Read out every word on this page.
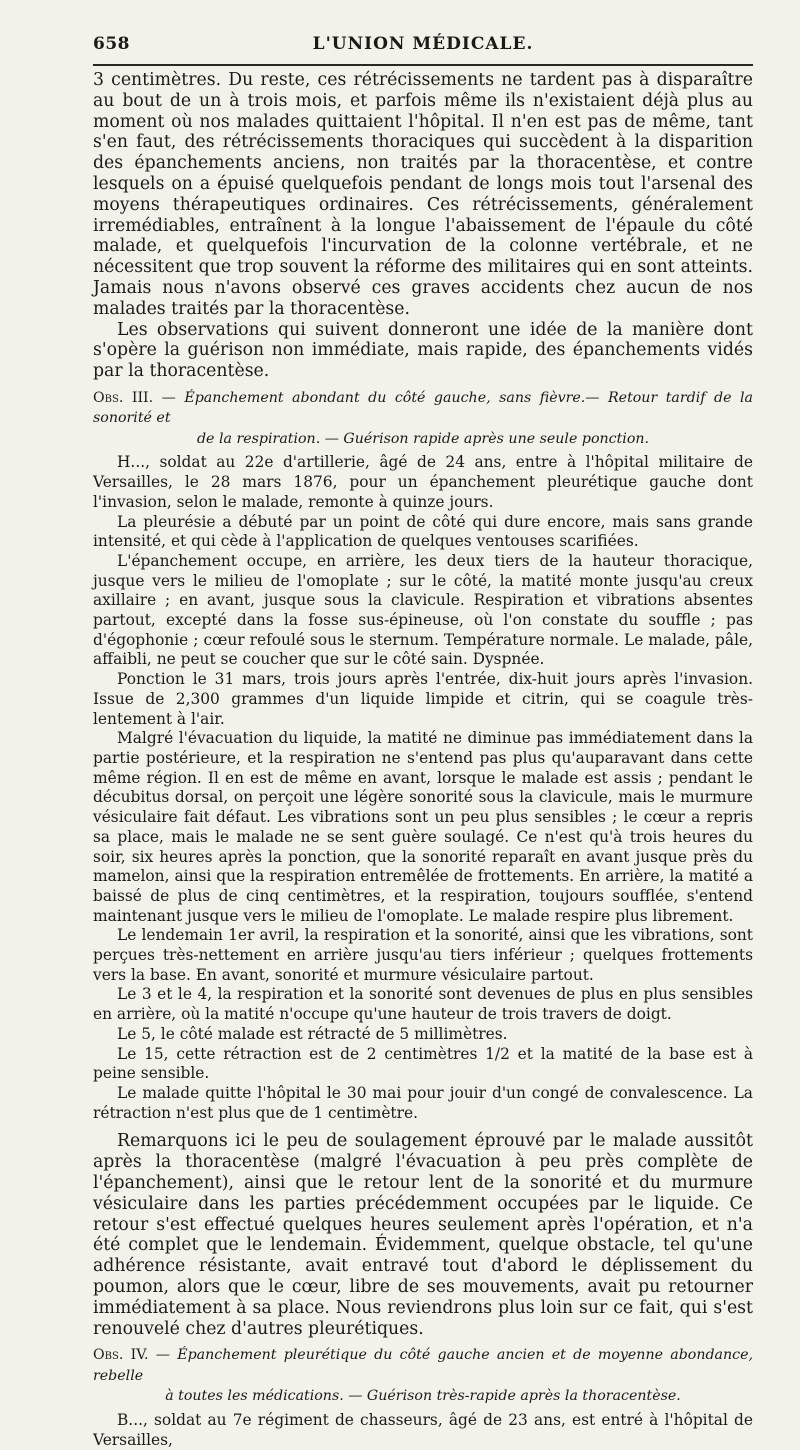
658	L'UNION MÉDICALE.

3 centimètres. Du reste, ces rétrécissements ne tardent pas à disparaître au bout de un à trois mois, et parfois même ils n'existaient déjà plus au moment où nos malades quittaient l'hôpital. Il n'en est pas de même, tant s'en faut, des rétrécissements thoraciques qui succèdent à la disparition des épanchements anciens, non traités par la thoracentèse, et contre lesquels on a épuisé quelquefois pendant de longs mois tout l'arsenal des moyens thérapeutiques ordinaires. Ces rétrécissements, généralement irremédiables, entraînent à la longue l'abaissement de l'épaule du côté malade, et quelquefois l'incurvation de la colonne vertébrale, et ne nécessitent que trop souvent la réforme des militaires qui en sont atteints. Jamais nous n'avons observé ces graves accidents chez aucun de nos malades traités par la thoracentèse.

Les observations qui suivent donneront une idée de la manière dont s'opère la guérison non immédiate, mais rapide, des épanchements vidés par la thoracentèse.

Obs. III. — Épanchement abondant du côté gauche, sans fièvre.— Retour tardif de la sonorité et
de la respiration. — Guérison rapide après une seule ponction.

H..., soldat au 22e d'artillerie, âgé de 24 ans, entre à l'hôpital militaire de Versailles, le 28 mars 1876, pour un épanchement pleurétique gauche dont l'invasion, selon le malade, remonte à quinze jours.

La pleurésie a débuté par un point de côté qui dure encore, mais sans grande intensité, et qui cède à l'application de quelques ventouses scarifiées.

L'épanchement occupe, en arrière, les deux tiers de la hauteur thoracique, jusque vers le milieu de l'omoplate ; sur le côté, la matité monte jusqu'au creux axillaire ; en avant, jusque sous la clavicule. Respiration et vibrations absentes partout, excepté dans la fosse sus-épineuse, où l'on constate du souffle ; pas d'égophonie ; cœur refoulé sous le sternum. Température normale. Le malade, pâle, affaibli, ne peut se coucher que sur le côté sain. Dyspnée.

Ponction le 31 mars, trois jours après l'entrée, dix-huit jours après l'invasion. Issue de 2,300 grammes d'un liquide limpide et citrin, qui se coagule très-lentement à l'air.

Malgré l'évacuation du liquide, la matité ne diminue pas immédiatement dans la partie postérieure, et la respiration ne s'entend pas plus qu'auparavant dans cette même région. Il en est de même en avant, lorsque le malade est assis ; pendant le décubitus dorsal, on perçoit une légère sonorité sous la clavicule, mais le murmure vésiculaire fait défaut. Les vibrations sont un peu plus sensibles ; le cœur a repris sa place, mais le malade ne se sent guère soulagé. Ce n'est qu'à trois heures du soir, six heures après la ponction, que la sonorité reparaît en avant jusque près du mamelon, ainsi que la respiration entremêlée de frottements. En arrière, la matité a baissé de plus de cinq centimètres, et la respiration, toujours soufflée, s'entend maintenant jusque vers le milieu de l'omoplate. Le malade respire plus librement.

Le lendemain 1er avril, la respiration et la sonorité, ainsi que les vibrations, sont perçues très-nettement en arrière jusqu'au tiers inférieur ; quelques frottements vers la base. En avant, sonorité et murmure vésiculaire partout.

Le 3 et le 4, la respiration et la sonorité sont devenues de plus en plus sensibles en arrière, où la matité n'occupe qu'une hauteur de trois travers de doigt.

Le 5, le côté malade est rétracté de 5 millimètres.

Le 15, cette rétraction est de 2 centimètres 1/2 et la matité de la base est à peine sensible.

Le malade quitte l'hôpital le 30 mai pour jouir d'un congé de convalescence. La rétraction n'est plus que de 1 centimètre.

Remarquons ici le peu de soulagement éprouvé par le malade aussitôt après la thoracentèse (malgré l'évacuation à peu près complète de l'épanchement), ainsi que le retour lent de la sonorité et du murmure vésiculaire dans les parties précédemment occupées par le liquide. Ce retour s'est effectué quelques heures seulement après l'opération, et n'a été complet que le lendemain. Évidemment, quelque obstacle, tel qu'une adhérence résistante, avait entravé tout d'abord le déplissement du poumon, alors que le cœur, libre de ses mouvements, avait pu retourner immédiatement à sa place. Nous reviendrons plus loin sur ce fait, qui s'est renouvelé chez d'autres pleurétiques.

Obs. IV. — Épanchement pleurétique du côté gauche ancien et de moyenne abondance, rebelle
à toutes les médications. — Guérison très-rapide après la thoracentèse.

B..., soldat au 7e régiment de chasseurs, âgé de 23 ans, est entré à l'hôpital de Versailles,
